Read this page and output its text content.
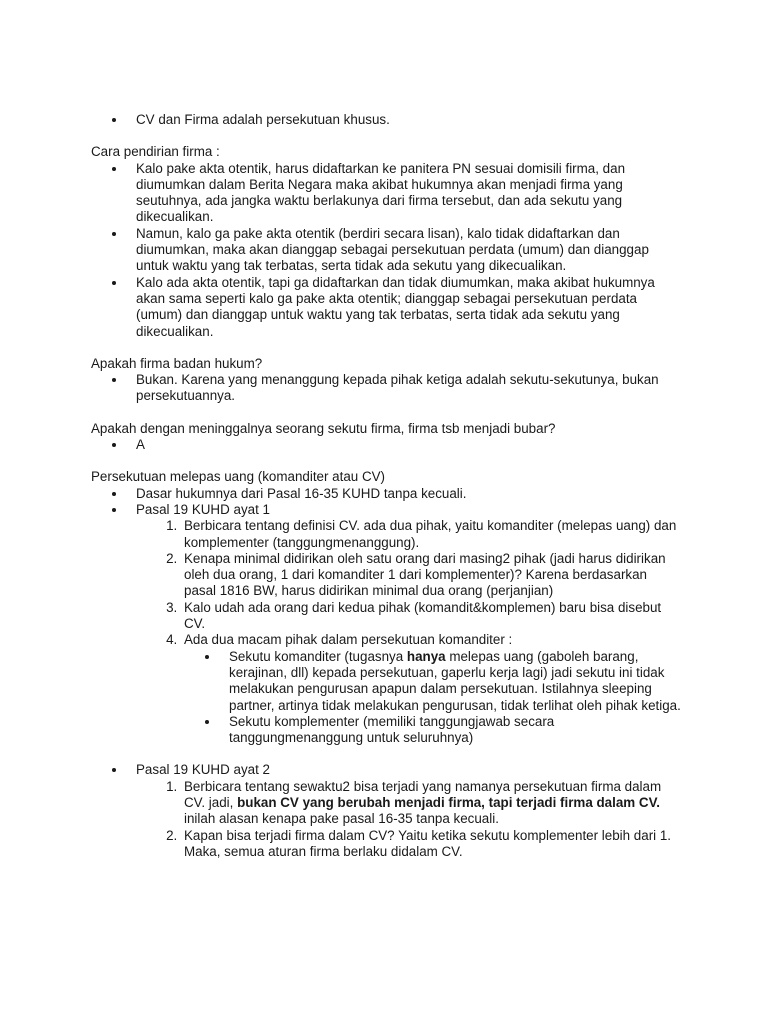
CV dan Firma adalah persekutuan khusus.

Cara pendirian firma :

Kalo pake akta otentik, harus didaftarkan ke panitera PN sesuai domisili firma, dan diumumkan dalam Berita Negara maka akibat hukumnya akan menjadi firma yang seutuhnya, ada jangka waktu berlakunya dari firma tersebut, dan ada sekutu yang dikecualikan.
Namun, kalo ga pake akta otentik (berdiri secara lisan), kalo tidak didaftarkan dan diumumkan, maka akan dianggap sebagai persekutuan perdata (umum) dan dianggap untuk waktu yang tak terbatas, serta tidak ada sekutu yang dikecualikan.
Kalo ada akta otentik, tapi ga didaftarkan dan tidak diumumkan, maka akibat hukumnya akan sama seperti kalo ga pake akta otentik; dianggap sebagai persekutuan perdata (umum) dan dianggap untuk waktu yang tak terbatas, serta tidak ada sekutu yang dikecualikan.

Apakah firma badan hukum?

Bukan. Karena yang menanggung kepada pihak ketiga adalah sekutu-sekutunya, bukan persekutuannya.

Apakah dengan meninggalnya seorang sekutu firma, firma tsb menjadi bubar?

A

Persekutuan melepas uang (komanditer atau CV)

Dasar hukumnya dari Pasal 16-35 KUHD tanpa kecuali.
Pasal 19 KUHD ayat 1
1. Berbicara tentang definisi CV. ada dua pihak, yaitu komanditer (melepas uang) dan komplementer (tanggungmenanggung).
2. Kenapa minimal didirikan oleh satu orang dari masing2 pihak (jadi harus didirikan oleh dua orang, 1 dari komanditer 1 dari komplementer)? Karena berdasarkan pasal 1816 BW, harus didirikan minimal dua orang (perjanjian)
3. Kalo udah ada orang dari kedua pihak (komandit&komplemen) baru bisa disebut CV.
4. Ada dua macam pihak dalam persekutuan komanditer :
Sekutu komanditer (tugasnya hanya melepas uang (gaboleh barang, kerajinan, dll) kepada persekutuan, gaperlu kerja lagi) jadi sekutu ini tidak melakukan pengurusan apapun dalam persekutuan. Istilahnya sleeping partner, artinya tidak melakukan pengurusan, tidak terlihat oleh pihak ketiga.
Sekutu komplementer (memiliki tanggungjawab secara tanggungmenanggung untuk seluruhnya)
Pasal 19 KUHD ayat 2
1. Berbicara tentang sewaktu2 bisa terjadi yang namanya persekutuan firma dalam CV. jadi, bukan CV yang berubah menjadi firma, tapi terjadi firma dalam CV. inilah alasan kenapa pake pasal 16-35 tanpa kecuali.
2. Kapan bisa terjadi firma dalam CV? Yaitu ketika sekutu komplementer lebih dari 1. Maka, semua aturan firma berlaku didalam CV.
